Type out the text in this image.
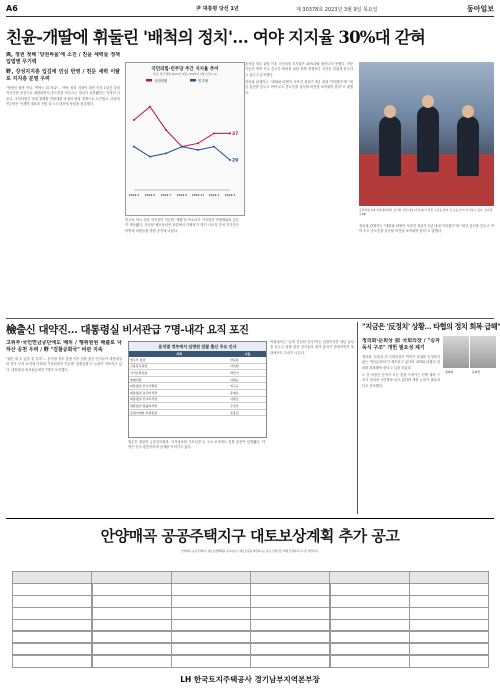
A6	尹 대통령 당선 1년	제 30378호 2023년 3월 9일 목요일	동아일보
친윤-개딸에 휘둘린 '배척의 정치'… 여야 지지율 30%대 갇혀
與, 정권 첫해 '당권싸움'에 소진 / 친윤 세력들 정책 입법엔 무기력
野, 강성지지층 입김에 민심 반영 / 친문 세력 이탈로 지지층 분열 우려

"당원인 줄만 아니, 여야는 뭐 하냐"... 여야 정치 지형이 대선 이후 1년간 강성 지지층을 중심으로 재편되면서 중도층을 아우르는 정치가 실종됐다는 지적이 나온다. 국민의힘은 정권 첫해를 전당대회 과정의 당권 경쟁으로 소진했고, 더불어민주당은 이재명 대표의 사법 리스크 대응에 당력을 집중했다.

국민의힘·민주당 주간 지지율 추이
자료: 한국갤럽 2022년 3월~2023년 3월 (단위: %)
국민의힘	민주당
2022.3 2022.5 2022.7 2022.9 2022.11 2023.1 2023.3
37
29

민주당 역시 강성 지지층인 이른바 '개딸'의 목소리가 커지면서 비명계와의 갈등이 계속됐다. 지난달 체포동의안 표결에서 이탈표가 대거 나오자 강성 지지층은 비명계 의원들을 향한 공격에 나섰다.

윤석열 정부 출범 이후 국민의힘 지지율은 30%대를 벗어나지 못했다. 전문가들은 여야 모두 중도층 확장을 위한 정책 경쟁보다 지지층 결집에 몰두하고 있다고 분석했다.

정치권 관계자는 "대화와 타협이 사라진 정치가 1년 내내 이어졌다"며 "내년 총선을 앞두고 여야 모두 중도층을 설득할 비전을 보여줘야 한다"고 말했다.

국민의힘 3·8 전당대회에서 김기현 신임 대표(가운데)가 당선 소감을 밝힌 뒤 손을 들어 인사하고 있다. 동아일보DB

정치권 관계자는 "대화와 타협이 사라진 정치가 1년 내내 이어졌다"며 "내년 총선을 앞두고 여야 모두 중도층을 설득할 비전을 보여줘야 한다"고 말했다.

檢출신 대약진… 대통령실 비서관급 7명-내각 요직 포진
고위부·국민연금공단에도 배치 / 행위원원 배출로 낙하산 공천 우려 / 野 "검찰공화국" 비판 지속

"뭐든 할 수 있을 것 같다"... 윤석열 정부 출범 이후 검찰 출신 인사들이 대통령실과 정부 부처 요직에 잇따라 기용되면서 이른바 '검찰공화국' 논란이 이어지고 있다. 대통령실 비서관급에만 7명이 포진했다.

윤석열 정부에서 임명된 검찰 출신 주요 인사
직책	이름
법무부 장관	한동훈
금융감독원장	이복현
국가보훈처장	박민식
법제처장	이완규
대통령실 인사기획관	복두규
대통령실 총무비서관	윤재순
대통령실 인사비서관	이원모
대통령실 법률비서관	주진우
공정거래위 부위원장	조홍선

법무부 장관과 금융감독원장, 국가정보원 기조실장 등 주요 보직에도 검찰 출신이 임명됐다. 야당은 인사 편중이라며 공세를 이어가고 있다.

여권에서는 "능력 중심의 인사"라는 입장이지만 내년 총선을 앞두고 검찰 출신 인사들의 대거 출마가 점쳐지면서 당내에서도 우려가 나온다.

"지금은 '反정치' 상황… 타협의 정치 회복 급해"
정의화·문희상 前 국회의장 / "승자독식 구조" 개헌 필요성 제기

정의화, 문희상 전 국회의장은 여야가 상대를 인정하지 않는 '반(反)정치'가 계속되고 있다며 대화와 타협의 정치를 회복해야 한다고 입을 모았다.

두 전 의장은 승자가 모든 것을 가져가는 현행 권력 구조가 정치의 극단화를 낳고 있다며 개헌 논의가 필요하다고 강조했다.

정의화	문희상
안양매곡 공공주택지구 대토보상계획 추가 공고
안양매곡 공공주택지구 대토보상계획을 공고하오니 대토보상을 희망하시는 분은 신청기간 내에 신청하여 주시기 바랍니다.
LH 한국토지주택공사 경기남부지역본부장
